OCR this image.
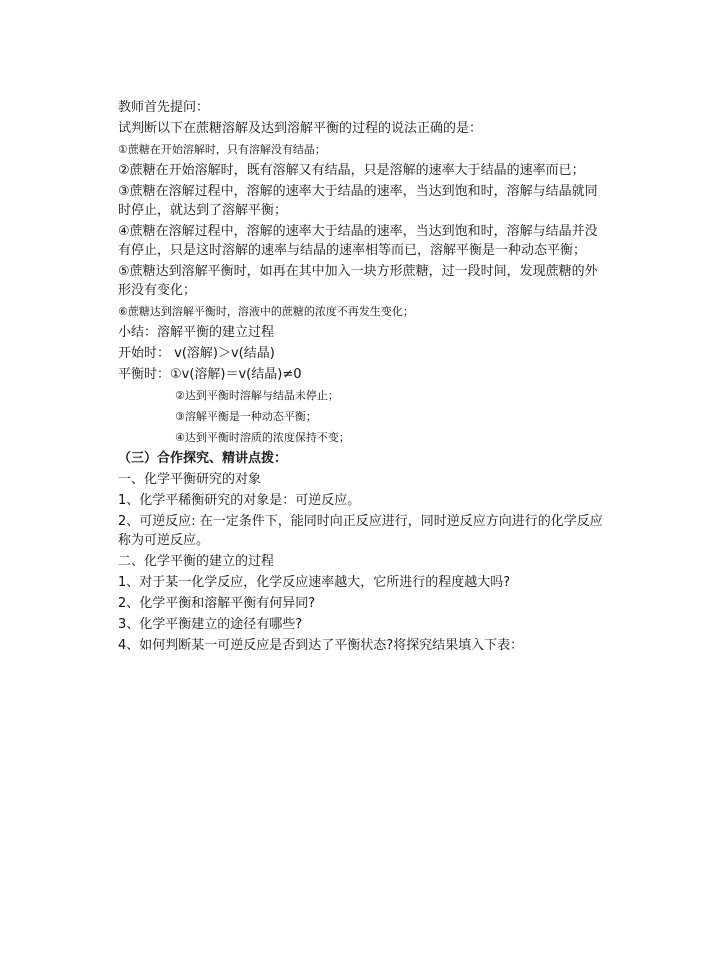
教师首先提问：

试判断以下在蔗糖溶解及达到溶解平衡的过程的说法正确的是：

①蔗糖在开始溶解时，只有溶解没有结晶；

②蔗糖在开始溶解时，既有溶解又有结晶，只是溶解的速率大于结晶的速率而已；

③蔗糖在溶解过程中，溶解的速率大于结晶的速率，当达到饱和时，溶解与结晶就同时停止，就达到了溶解平衡；

④蔗糖在溶解过程中，溶解的速率大于结晶的速率，当达到饱和时，溶解与结晶并没有停止，只是这时溶解的速率与结晶的速率相等而已，溶解平衡是一种动态平衡；

⑤蔗糖达到溶解平衡时，如再在其中加入一块方形蔗糖，过一段时间，发现蔗糖的外形没有变化；

⑥蔗糖达到溶解平衡时，溶液中的蔗糖的浓度不再发生变化；

小结：溶解平衡的建立过程

开始时： v(溶解)＞v(结晶)

平衡时：①v(溶解)＝v(结晶)≠0

②达到平衡时溶解与结晶未停止；

③溶解平衡是一种动态平衡；

④达到平衡时溶质的浓度保持不变；

（三）合作探究、精讲点拨：

一、化学平衡研究的对象

1、化学平稀衡研究的对象是：可逆反应。

2、可逆反应: 在一定条件下，能同时向正反应进行，同时逆反应方向进行的化学反应称为可逆反应。

二、化学平衡的建立的过程

1、对于某一化学反应，化学反应速率越大，它所进行的程度越大吗?

2、化学平衡和溶解平衡有何异同?

3、化学平衡建立的途径有哪些?

4、如何判断某一可逆反应是否到达了平衡状态?将探究结果填入下表：
